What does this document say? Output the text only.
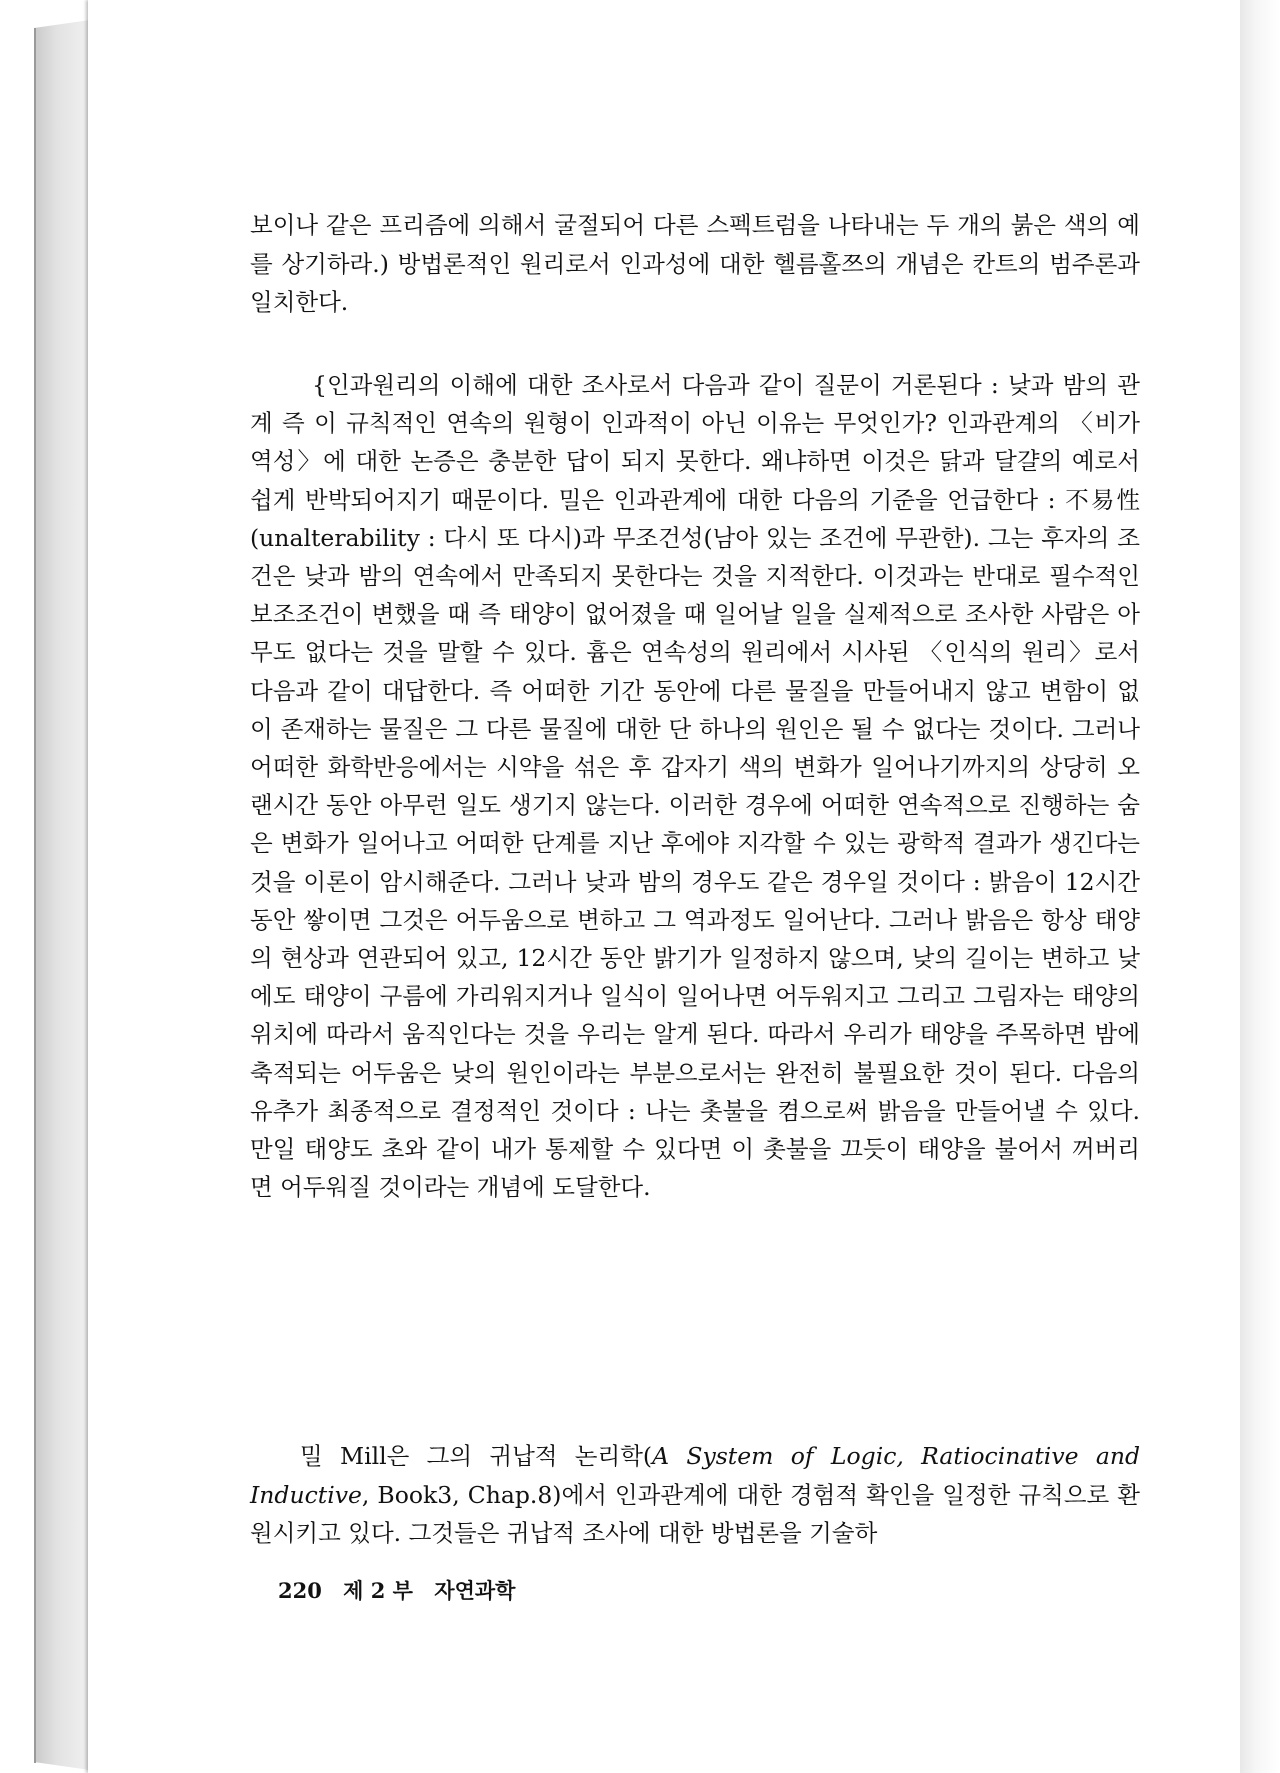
보이나 같은 프리즘에 의해서 굴절되어 다른 스펙트럼을 나타내는 두 개의 붉은 색의 예를 상기하라.) 방법론적인 원리로서 인과성에 대한 헬름홀쯔의 개념은 칸트의 범주론과 일치한다.

{인과원리의 이해에 대한 조사로서 다음과 같이 질문이 거론된다 : 낮과 밤의 관계 즉 이 규칙적인 연속의 원형이 인과적이 아닌 이유는 무엇인가? 인과관계의 〈비가역성〉에 대한 논증은 충분한 답이 되지 못한다. 왜냐하면 이것은 닭과 달걀의 예로서 쉽게 반박되어지기 때문이다. 밀은 인과관계에 대한 다음의 기준을 언급한다 : 不易性(unalterability : 다시 또 다시)과 무조건성(남아 있는 조건에 무관한). 그는 후자의 조건은 낮과 밤의 연속에서 만족되지 못한다는 것을 지적한다. 이것과는 반대로 필수적인 보조조건이 변했을 때 즉 태양이 없어졌을 때 일어날 일을 실제적으로 조사한 사람은 아무도 없다는 것을 말할 수 있다. 흄은 연속성의 원리에서 시사된 〈인식의 원리〉로서 다음과 같이 대답한다. 즉 어떠한 기간 동안에 다른 물질을 만들어내지 않고 변함이 없이 존재하는 물질은 그 다른 물질에 대한 단 하나의 원인은 될 수 없다는 것이다. 그러나 어떠한 화학반응에서는 시약을 섞은 후 갑자기 색의 변화가 일어나기까지의 상당히 오랜시간 동안 아무런 일도 생기지 않는다. 이러한 경우에 어떠한 연속적으로 진행하는 숨은 변화가 일어나고 어떠한 단계를 지난 후에야 지각할 수 있는 광학적 결과가 생긴다는 것을 이론이 암시해준다. 그러나 낮과 밤의 경우도 같은 경우일 것이다 : 밝음이 12시간 동안 쌓이면 그것은 어두움으로 변하고 그 역과정도 일어난다. 그러나 밝음은 항상 태양의 현상과 연관되어 있고, 12시간 동안 밝기가 일정하지 않으며, 낮의 길이는 변하고 낮에도 태양이 구름에 가리워지거나 일식이 일어나면 어두워지고 그리고 그림자는 태양의 위치에 따라서 움직인다는 것을 우리는 알게 된다. 따라서 우리가 태양을 주목하면 밤에 축적되는 어두움은 낮의 원인이라는 부분으로서는 완전히 불필요한 것이 된다. 다음의 유추가 최종적으로 결정적인 것이다 : 나는 촛불을 켬으로써 밝음을 만들어낼 수 있다. 만일 태양도 초와 같이 내가 통제할 수 있다면 이 촛불을 끄듯이 태양을 불어서 꺼버리면 어두워질 것이라는 개념에 도달한다.

밀 Mill은 그의 귀납적 논리학(A System of Logic, Ratiocinative and Inductive, Book3, Chap.8)에서 인과관계에 대한 경험적 확인을 일정한 규칙으로 환원시키고 있다. 그것들은 귀납적 조사에 대한 방법론을 기술하

220 제 2 부 자연과학
